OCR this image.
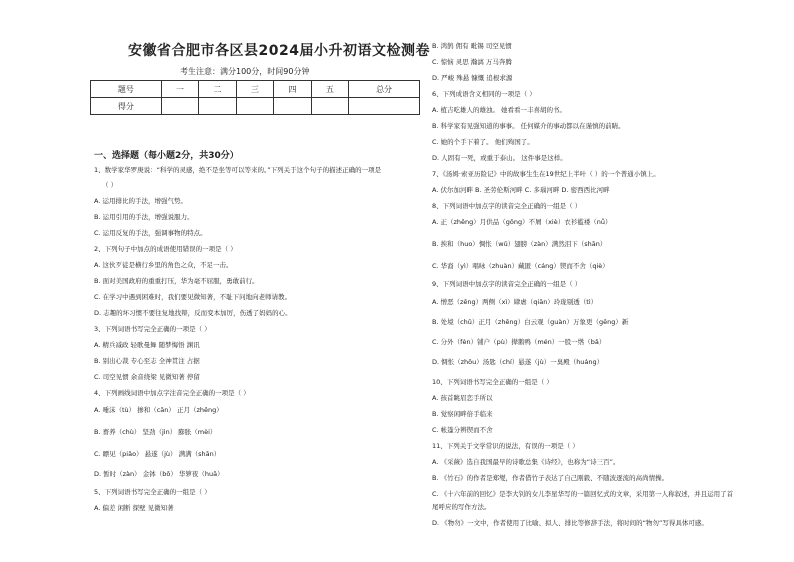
安徽省合肥市各区县2024届小升初语文检测卷
考生注意：满分100分，时间90分钟
题号	一	二	三	四	五	总分
得分						
一、选择题（每小题2分，共30分）
1、数学家华罗庚说：“科学的灵感，绝不是坐等可以等来的。”下列关于这个句子的描述正确的一项是
（ ）
A. 运用排比的手法，增强气势。
B. 运用引用的手法，增强说服力。
C. 运用反复的手法，强调事物的特点。
2、下列句子中加点的成语使用错误的一项是（ ）
A. 这伙歹徒是横行乡里的角色之众，不足一击。
B. 面对美国政府的重重打压，华为毫不屈服，勇敢前行。
C. 在学习中遇到困难时，我们要见微知著，不耻下问地向老师请教。
D. 志趣的坏习惯不要往复地找辩，反而变本加厉，伤透了妈妈的心。
3、下列词语书写完全正确的一项是（ ）
A. 精兵减政 轻歌曼舞 随梦悔悟 渊讯
B. 别出心裁 专心至志 全神贯注 占据
C. 司空见惯 余音绕梁 见微知著 停留
4、下列画线词语中加点字注音完全正确的一项是（ ）
A. 唾沫（tù） 掺和（cān） 正月（zhēng）
B. 畜养（chù） 坚劲（jìn） 膨胀（mèi）
C. 瞟见（piǎo） 悬遂（jù） 满满（shān）
D. 暂时（zàn） 金钵（bō） 华箩夜（huā）
5、下列词语书写完全正确的一组是（ ）
A. 偏差 闲断 探壁 见微知著
B. 鸿鹄 佣有 毗锡 司空见惯
C. 惊恼 灵思 瀚漓 万马奔腾
D. 严峻 殊悬 慷慨 追根求源
6、下列成语含义相同的一项是（ ）
A. 植吉吃雄人的雄浊。 她看看一丰喜胡的书。
B. 科学家有见强知道的事事。 任何媒介的事动都以在谨慎的前睛。
C. 她的个手下着了。 他们殉国了。
D. 人固有一死，或重于泰山。 这件事是这样。
7、《汤姆·索亚历险记》中的故事生生在19世纪上半叶（ ）的一个普通小镇上。
A. 伏尔加河畔 B. 圣劳伦斯河畔 C. 多瑙河畔 D. 密西西比河畔
8、下列词语中加点字的读音完全正确的一组是（ ）
A. 正（zhēng）月供品（gōng）不屑（xiè）衣衫褴褛（nǚ）
B. 挨和（huo）惆怅（wǔ）翅膀（zàn）满然泪下（shān）
C. 华裔（yì）唱咏（zhuàn）藏匿（cáng）锲而不舍（qiè）
9、下列词语中加点字的读音完全正确的一组是（ ）
A. 憎恶（zēng）两侧（xì）肆虐（qiān）玲珑剔透（tì）
B. 处境（chǔ）正月（zhēng）白云观（guàn）万象更（gēng）新
C. 分外（fèn）铺户（pù）撵鹅鸭（mén）一股一绺（bǎ）
D. 惆怅（zhōu）汤匙（chí）悬遂（jù）一臭殿（huáng）
10、下列词语书写完全正确的一组是（ ）
A. 孩首眺眉恋手所以
B. 觉察闲畔倍手临来
C. 帐篷分辨锲而不舍
11、下列关于文学常识的说法，有误的一项是（ ）
A. 《采薇》选自我国最早的诗歌总集《诗经》，也称为“诗三百”。
B. 《竹石》的作者是郑燮，作者借竹子表达了自己刚毅、不随波逐流的高尚情操。
C. 《十六年前的回忆》是李大钊的女儿李星华写的一篇回忆式的文章，采用第一人称叙述，并且运用了首
尾呼应的写作方法。
D. 《物勿》一文中，作者使用了比喻、拟人、排比等修辞手法，将时间的“物勿”写得具体可感。
